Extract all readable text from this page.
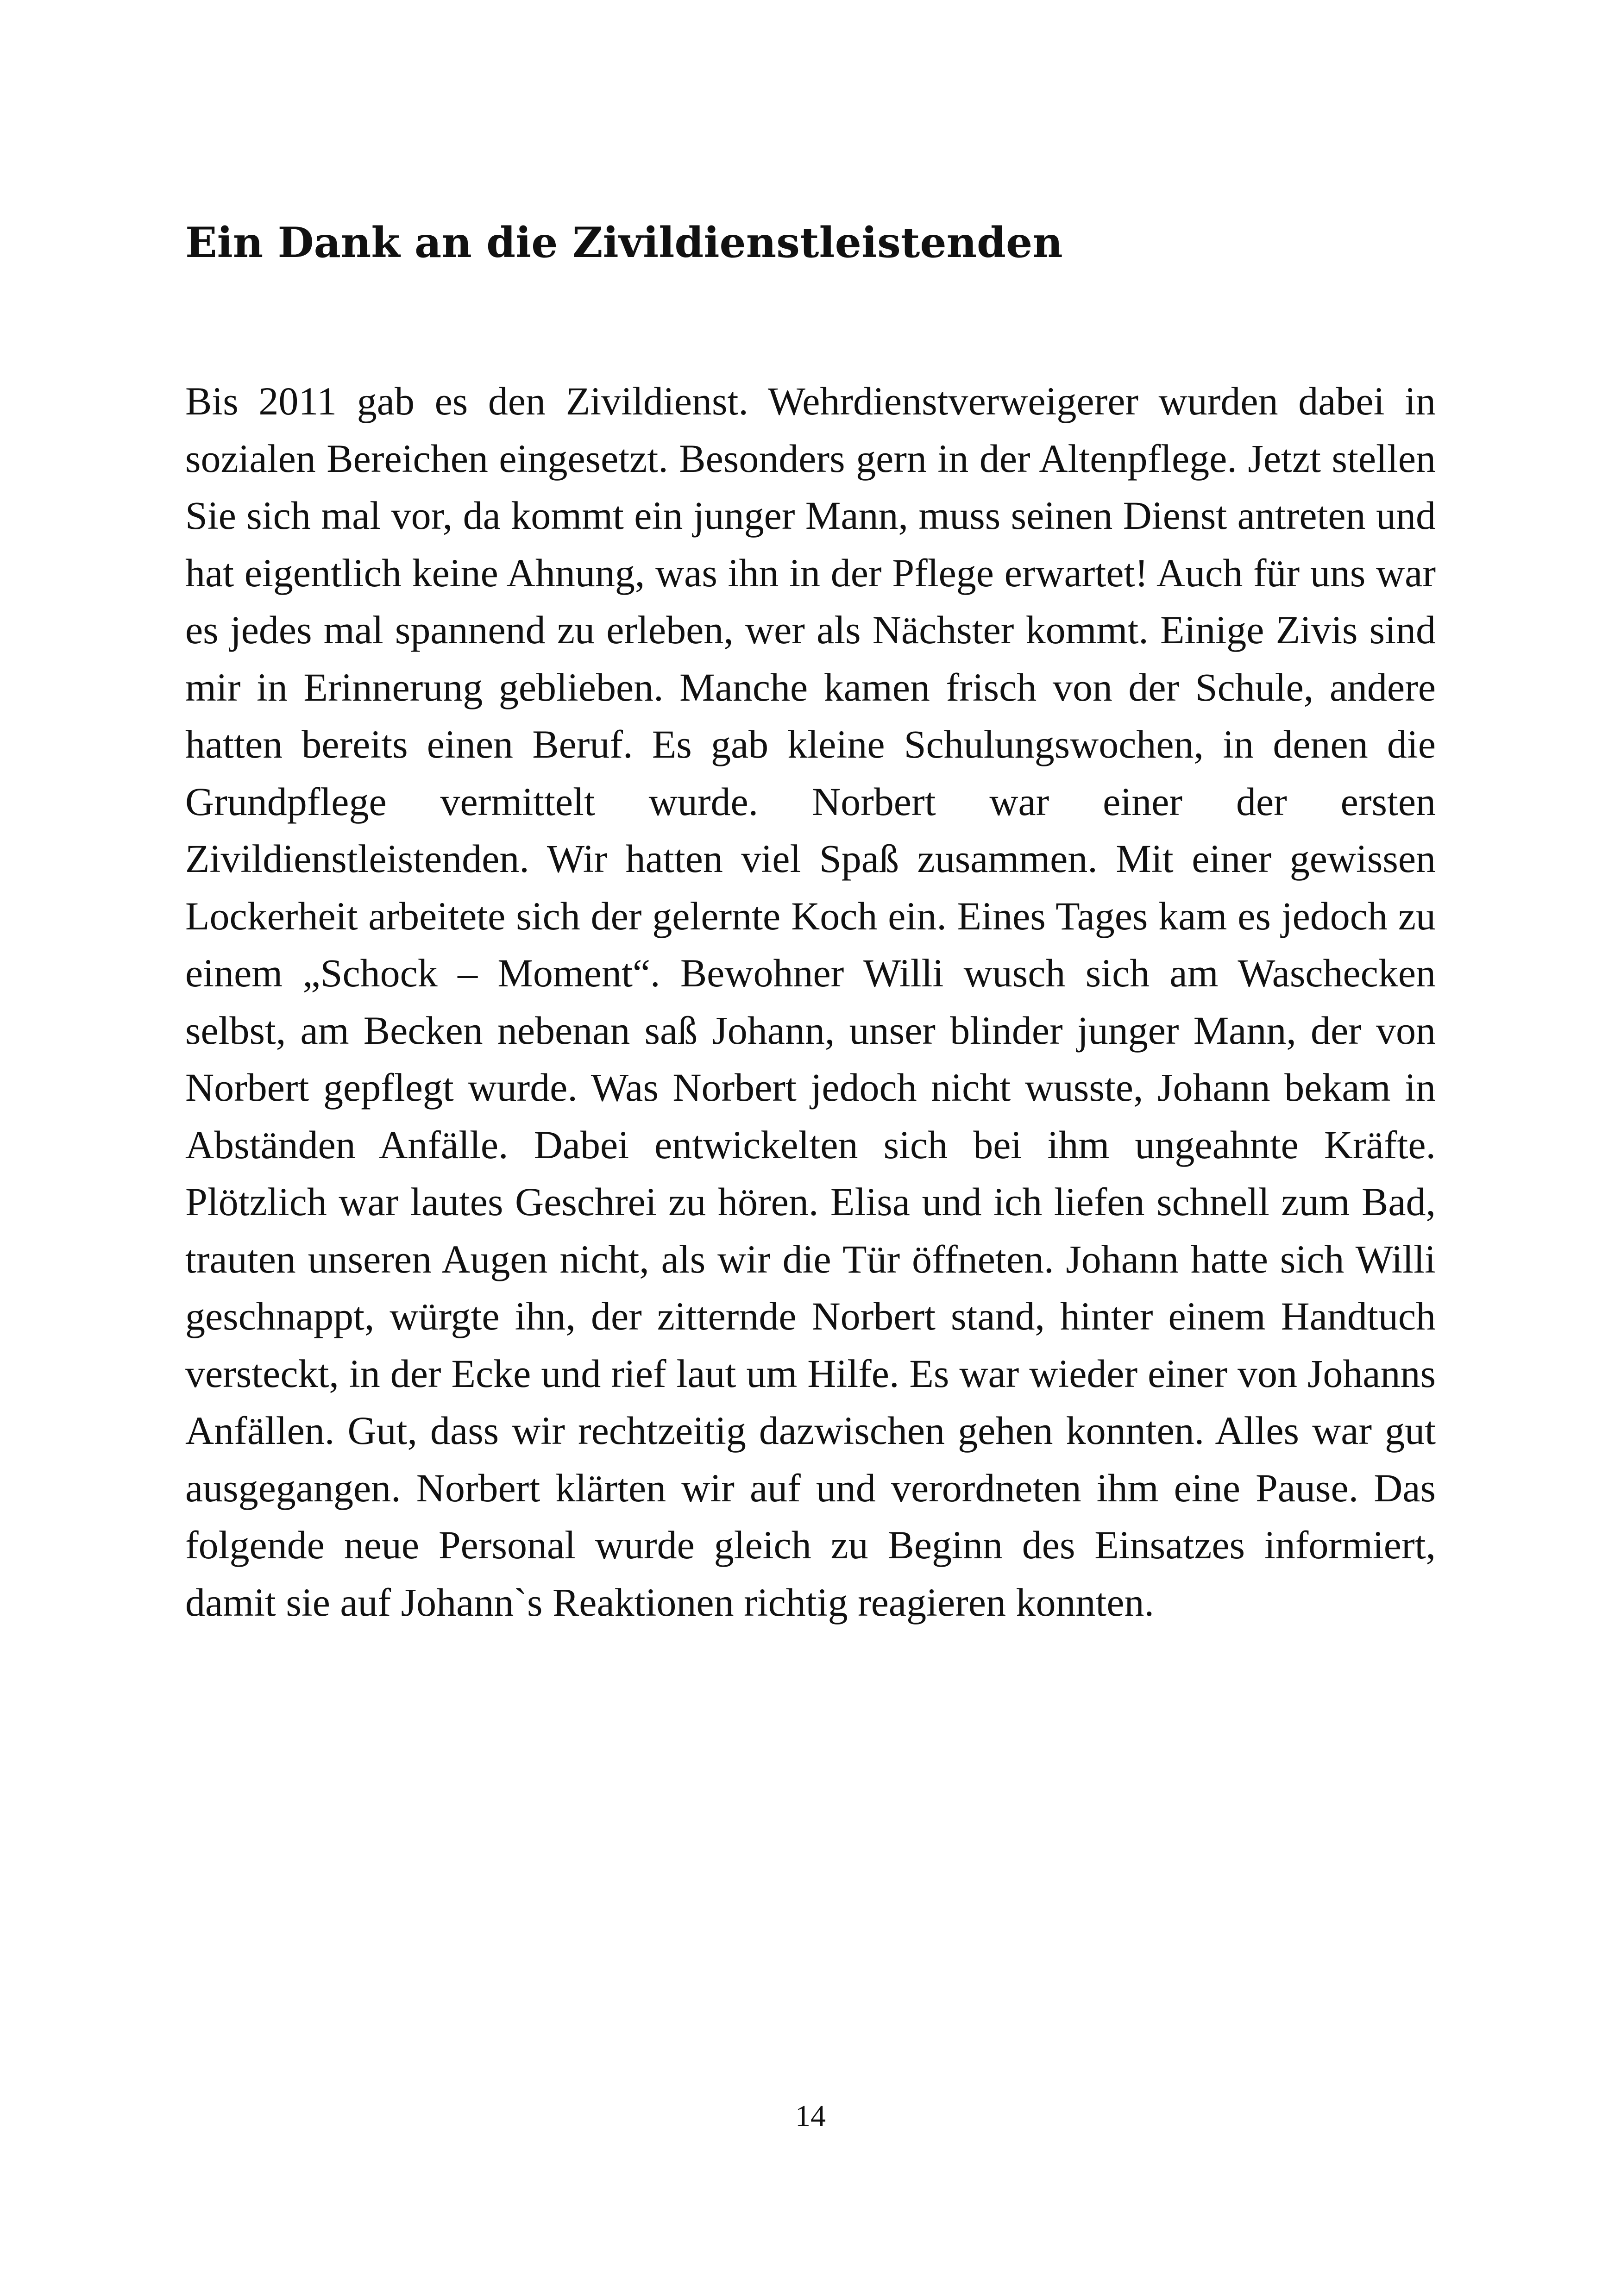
Ein Dank an die Zivildienstleistenden

Bis 2011 gab es den Zivildienst. Wehrdienstverweigerer wurden dabei in sozialen Bereichen eingesetzt. Besonders gern in der Altenpflege. Jetzt stellen Sie sich mal vor, da kommt ein junger Mann, muss seinen Dienst antreten und hat eigentlich keine Ahnung, was ihn in der Pflege erwartet! Auch für uns war es jedes mal spannend zu erleben, wer als Nächster kommt. Einige Zivis sind mir in Erinnerung geblieben. Manche kamen frisch von der Schule, andere hatten bereits einen Beruf. Es gab kleine Schulungswochen, in denen die Grundpflege vermittelt wurde. Norbert war einer der ersten Zivildienstleistenden. Wir hatten viel Spaß zusammen. Mit einer gewissen Lockerheit arbeitete sich der gelernte Koch ein. Eines Tages kam es jedoch zu einem „Schock – Moment“. Bewohner Willi wusch sich am Waschecken selbst, am Becken nebenan saß Johann, unser blinder junger Mann, der von Norbert gepflegt wurde. Was Norbert jedoch nicht wusste, Johann bekam in Abständen Anfälle. Dabei entwickelten sich bei ihm ungeahnte Kräfte. Plötzlich war lautes Geschrei zu hören. Elisa und ich liefen schnell zum Bad, trauten unseren Augen nicht, als wir die Tür öffneten. Johann hatte sich Willi geschnappt, würgte ihn, der zitternde Norbert stand, hinter einem Handtuch versteckt, in der Ecke und rief laut um Hilfe. Es war wieder einer von Johanns Anfällen. Gut, dass wir rechtzeitig dazwischen gehen konnten. Alles war gut ausgegangen. Norbert klärten wir auf und verordneten ihm eine Pause. Das folgende neue Personal wurde gleich zu Beginn des Einsatzes informiert, damit sie auf Johann`s Reaktionen richtig reagieren konnten.

14
